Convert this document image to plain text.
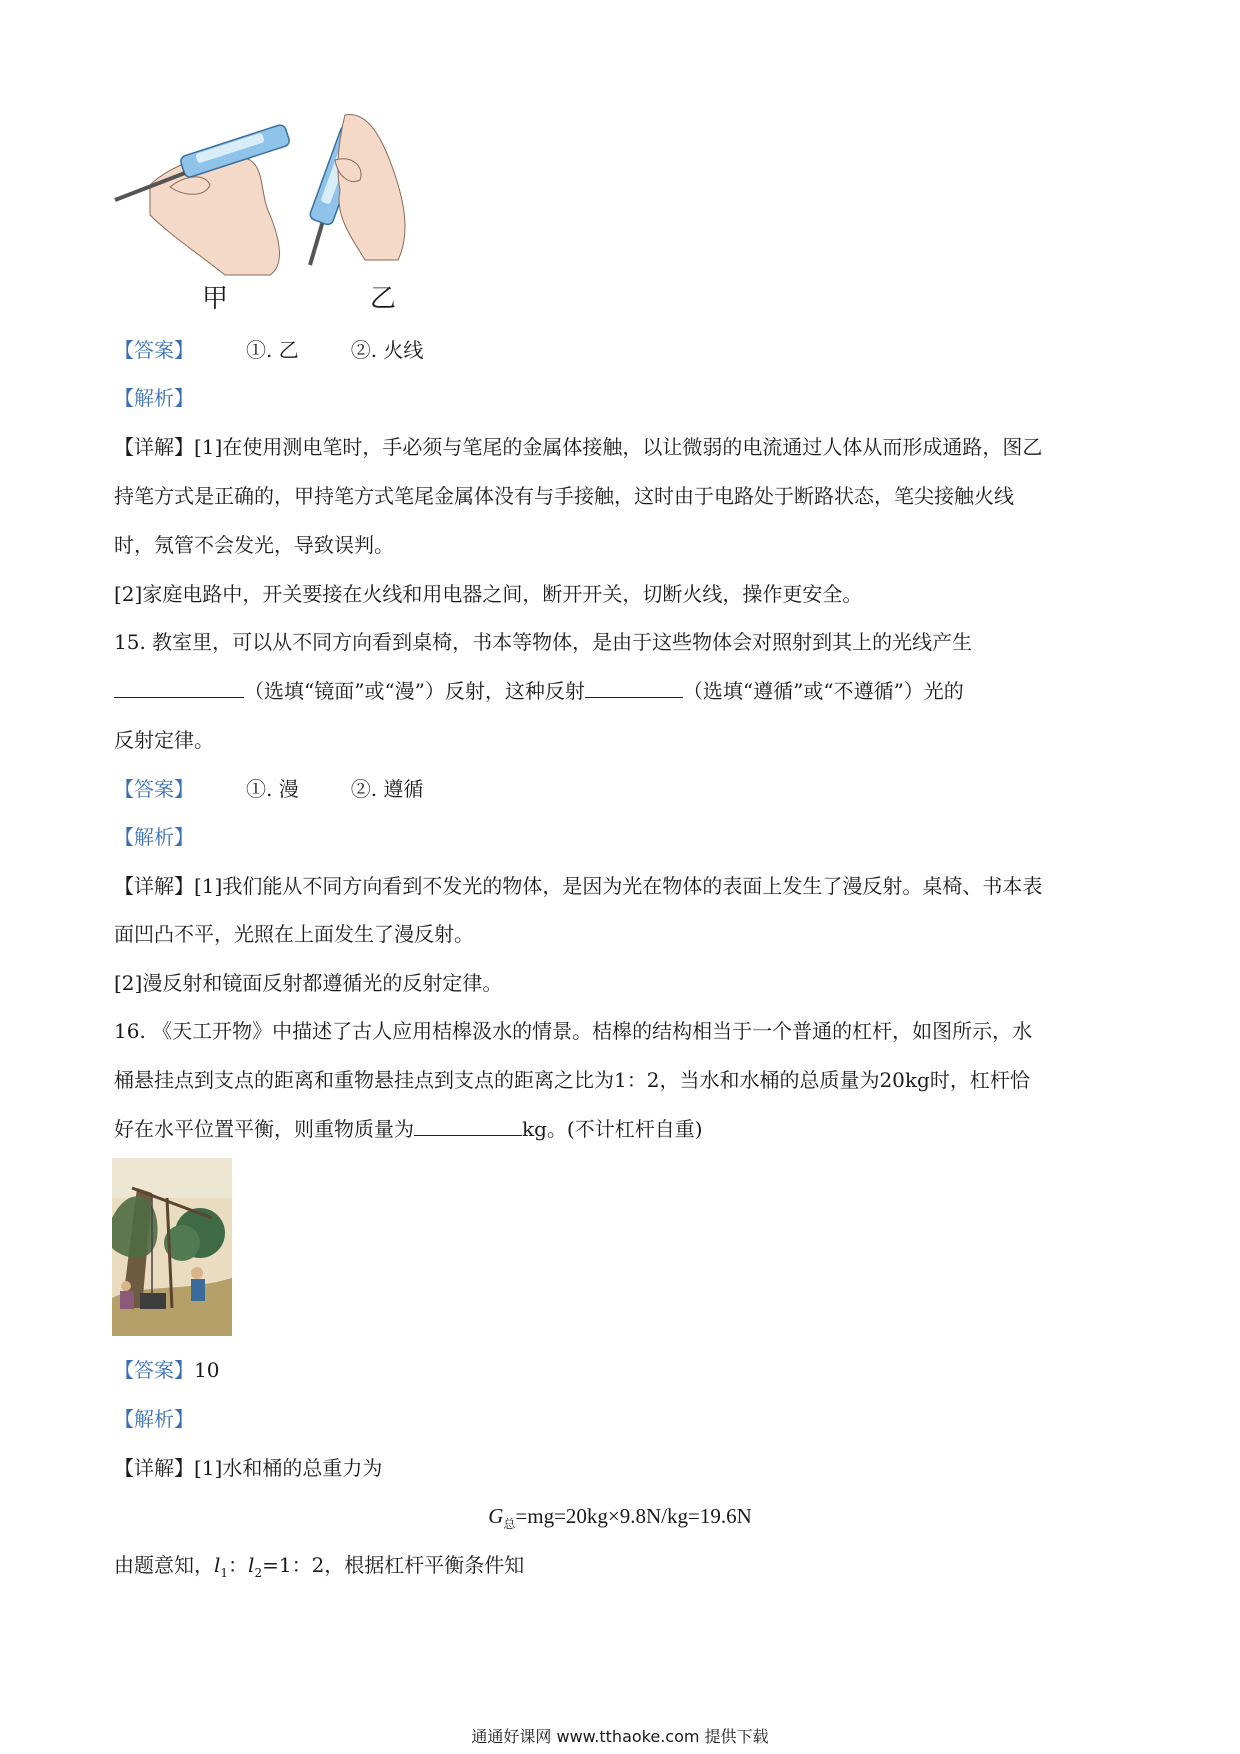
甲	乙
【答案】	①. 乙	②. 火线
【解析】
【详解】[1]在使用测电笔时，手必须与笔尾的金属体接触，以让微弱的电流通过人体从而形成通路，图乙
持笔方式是正确的，甲持笔方式笔尾金属体没有与手接触，这时由于电路处于断路状态，笔尖接触火线
时，氖管不会发光，导致误判。
[2]家庭电路中，开关要接在火线和用电器之间，断开开关，切断火线，操作更安全。
15. 教室里，可以从不同方向看到桌椅，书本等物体，是由于这些物体会对照射到其上的光线产生
（选填“镜面”或“漫”）反射，这种反射	（选填“遵循”或“不遵循”）光的
反射定律。
【答案】	①. 漫	②. 遵循
【解析】
【详解】[1]我们能从不同方向看到不发光的物体，是因为光在物体的表面上发生了漫反射。桌椅、书本表
面凹凸不平，光照在上面发生了漫反射。
[2]漫反射和镜面反射都遵循光的反射定律。
16. 《天工开物》中描述了古人应用桔槔汲水的情景。桔槔的结构相当于一个普通的杠杆，如图所示，水
桶悬挂点到支点的距离和重物悬挂点到支点的距离之比为1：2，当水和水桶的总质量为20kg时，杠杆恰
好在水平位置平衡，则重物质量为	kg。(不计杠杆自重)
【答案】10
【解析】
【详解】[1]水和桶的总重力为
$G_总=mg=20kg\times 9.8N/kg=19.6N$
由题意知，$l_1$：$l_2=1$：2，根据杠杆平衡条件知
通通好课网 www.tthaoke.com 提供下载
